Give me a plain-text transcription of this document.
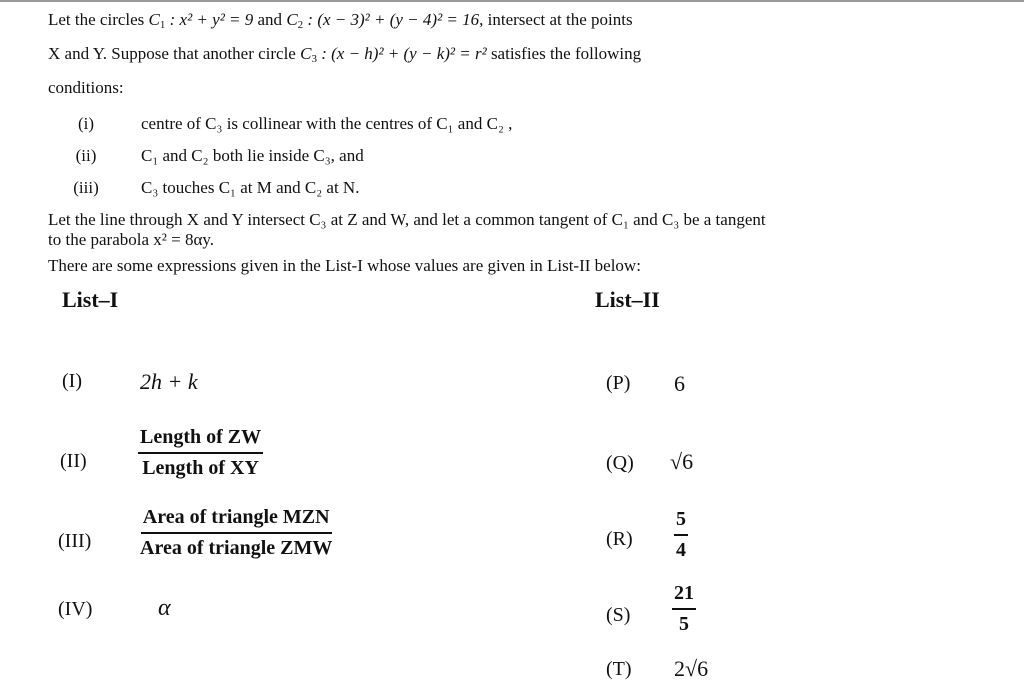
Let the circles $C_1$ : x² + y² = 9 and $C_2$ : (x − 3)² + (y − 4)² = 16, intersect at the points
X and Y. Suppose that another circle $C_3$ : (x − h)² + (y − k)² = r² satisfies the following
conditions:
(i)	centre of C₃ is collinear with the centres of C₁ and C₂ ,
(ii)	C₁ and C₂ both lie inside C₃, and
(iii)	C₃ touches C₁ at M and C₂ at N.
Let the line through X and Y intersect C₃ at Z and W, and let a common tangent of C₁ and C₃ be a tangent to the parabola x² = 8αy.
There are some expressions given in the List-I whose values are given in List-II below:
List–I	List–II
(I)	2h + k
(II)	$\frac{\text{Length of ZW}}{\text{Length of XY}}$
$(III) \frac{\text{Area of triangle MZN}}{\text{Area of triangle ZMW}}$
(IV)	α
(P) 6
(Q) √6
$(R) \frac{5}{4}$
$(S) \frac{21}{5}$
(T) 2√6
